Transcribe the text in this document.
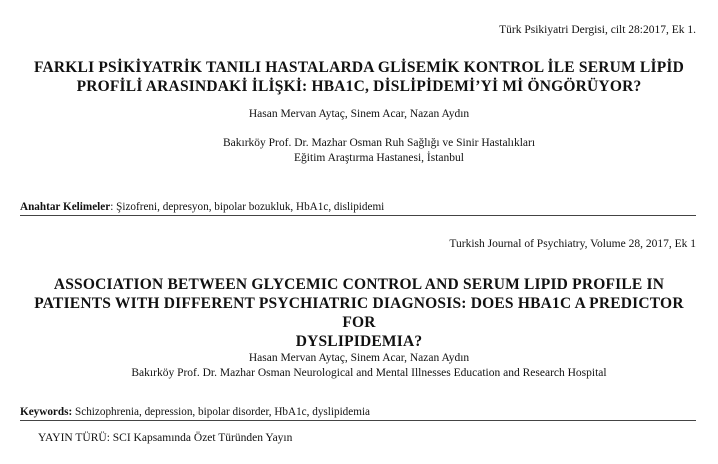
Türk Psikiyatri Dergisi, cilt 28:2017, Ek 1.
FARKLI PSİKİYATRİK TANILI HASTALARDA GLİSEMİK KONTROL İLE SERUM LİPİD
PROFİLİ ARASINDAKİ İLİŞKİ: HBA1C, DİSLİPİDEMİ’Yİ Mİ ÖNGÖRÜYOR?
Hasan Mervan Aytaç, Sinem Acar, Nazan Aydın
Bakırköy Prof. Dr. Mazhar Osman Ruh Sağlığı ve Sinir Hastalıkları
Eğitim Araştırma Hastanesi, İstanbul
Anahtar Kelimeler: Şizofreni, depresyon, bipolar bozukluk, HbA1c, dislipidemi
Turkish Journal of Psychiatry, Volume 28, 2017, Ek 1
ASSOCIATION BETWEEN GLYCEMIC CONTROL AND SERUM LIPID PROFILE IN
PATIENTS WITH DIFFERENT PSYCHIATRIC DIAGNOSIS: DOES HBA1C A PREDICTOR FOR
DYSLIPIDEMIA?
Hasan Mervan Aytaç, Sinem Acar, Nazan Aydın
Bakırköy Prof. Dr. Mazhar Osman Neurological and Mental Illnesses Education and Research Hospital
Keywords: Schizophrenia, depression, bipolar disorder, HbA1c, dyslipidemia
YAYIN TÜRÜ: SCI Kapsamında Özet Türünden Yayın
